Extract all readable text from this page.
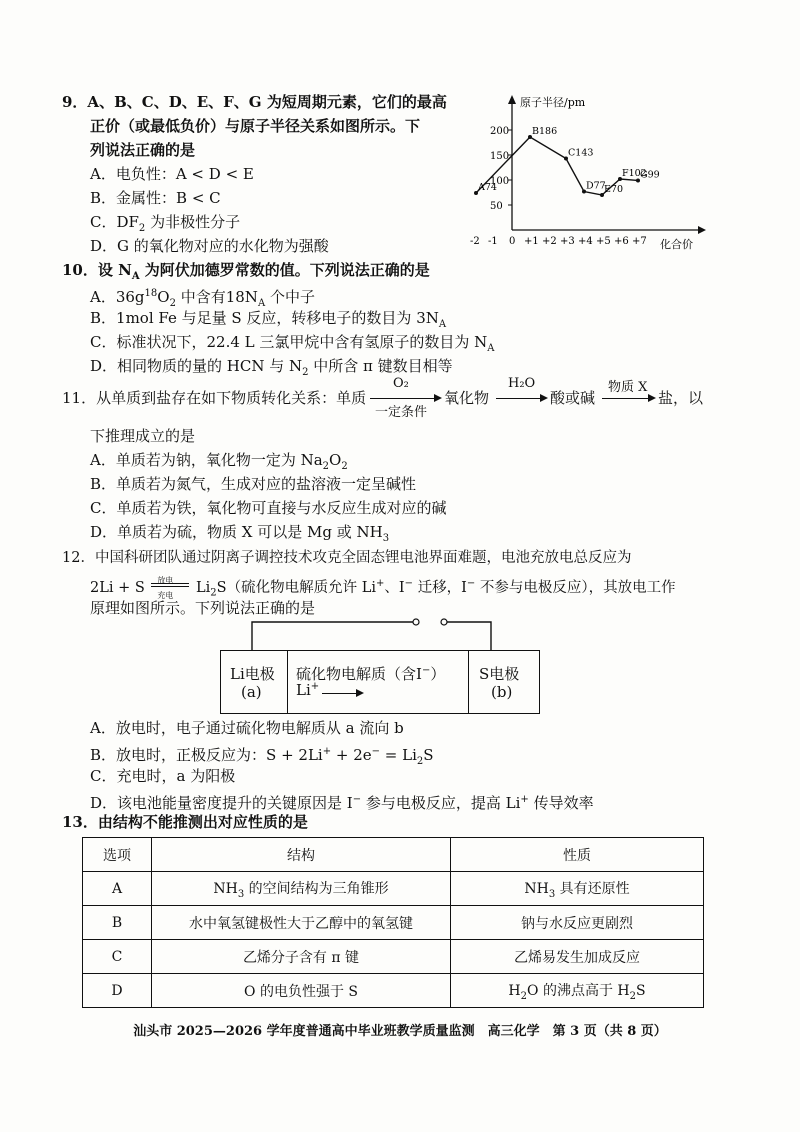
9．A、B、C、D、E、F、G 为短周期元素，它们的最高
正价（或最低负价）与原子半径关系如图所示。下
列说法正确的是
A．电负性：A < D < E
B．金属性：B < C
C．$DF_2$ 为非极性分子
D．G 的氧化物对应的水化物为强酸
原子半径/pm
化合价
-2 -1 0 +1 +2 +3 +4 +5 +6 +7
50
100
150
200
A74
B186
C143
D77
E70
F102
G99
10．设 $N_A$ 为阿伏加德罗常数的值。下列说法正确的是
A．$36g^{18}O_2$ 中含有$18N_A$ 个中子
B．1mol Fe 与足量 S 反应，转移电子的数目为 $3N_A$
C．标准状况下，22.4 L 三氯甲烷中含有氢原子的数目为 $N_A$
D．相同物质的量的 HCN 与 $N_2$ 中所含 π 键数目相等
11．从单质到盐存在如下物质转化关系：单质
O₂
一定条件
氧化物
H₂O
酸或碱
物质 X
盐，以
下推理成立的是
A．单质若为钠，氧化物一定为 $Na_2O_2$
B．单质若为氮气，生成对应的盐溶液一定呈碱性
C．单质若为铁，氧化物可直接与水反应生成对应的碱
D．单质若为硫，物质 X 可以是 Mg 或 $NH_3$
12．中国科研团队通过阴离子调控技术攻克全固态锂电池界面难题，电池充放电总反应为
2Li + S 放电
充电 $Li_2S$（硫化物电解质允许 Li+、I− 迁移，I− 不参与电极反应），其放电工作
原理如图所示。下列说法正确的是
Li电极
(a)
硫化物电解质（含I−）
Li+
S电极
(b)
A．放电时，电子通过硫化物电解质从 a 流向 b
B．放电时，正极反应为：$S + 2Li^+ + 2e^- = Li_2S$
C．充电时，a 为阳极
D．该电池能量密度提升的关键原因是 I− 参与电极反应，提高 Li+ 传导效率
13．由结构不能推测出对应性质的是
选项	结构	性质
A	$NH_3$ 的空间结构为三角锥形	$NH_3$ 具有还原性
B	水中氧氢键极性大于乙醇中的氧氢键	钠与水反应更剧烈
C	乙烯分子含有 π 键	乙烯易发生加成反应
D	O 的电负性强于 S	$H_2O$ 的沸点高于 $H_2S$
汕头市 2025—2026 学年度普通高中毕业班教学质量监测　高三化学　第 3 页（共 8 页）
